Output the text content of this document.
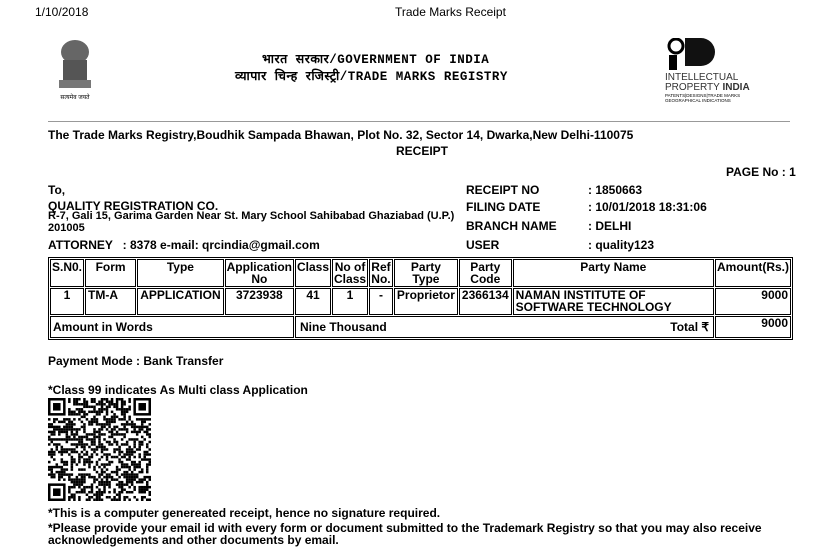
1/10/2018	Trade Marks Receipt
सत्यमेव जयते
भारत सरकार/GOVERNMENT OF INDIA
व्यापार चिन्ह रजिस्ट्री/TRADE MARKS REGISTRY	INTELLECTUAL
PROPERTY INDIA
PATENTS|DESIGNS|TRADE MARKS
GEOGRAPHICAL INDICATIONS
The Trade Marks Registry,Boudhik Sampada Bhawan, Plot No. 32, Sector 14, Dwarka,New Delhi-110075
RECEIPT
PAGE No : 1
To,
QUALITY REGISTRATION CO.
R-7, Gali 15, Garima Garden Near St. Mary School Sahibabad Ghaziabad (U.P.)
201005
ATTORNEY   : 8378 e-mail: qrcindia@gmail.com
RECEIPT NO	: 1850663
FILING DATE	: 10/01/2018 18:31:06
BRANCH NAME	: DELHI
USER	: quality123
S.N0.	Form	Type	Application No	Class	No of Class	Ref No.	Party Type	Party Code	Party Name	Amount(Rs.)
1	TM-A	APPLICATION	3723938	41	1	-	Proprietor	2366134	NAMAN INSTITUTE OF SOFTWARE TECHNOLOGY	9000
Amount in Words				Nine Thousand Total ₹						9000
Payment Mode : Bank Transfer
*Class 99 indicates As Multi class Application
*This is a computer genereated receipt, hence no signature required.
*Please provide your email id with every form or document submitted to the Trademark Registry so that you may also receive
acknowledgements and other documents by email.
